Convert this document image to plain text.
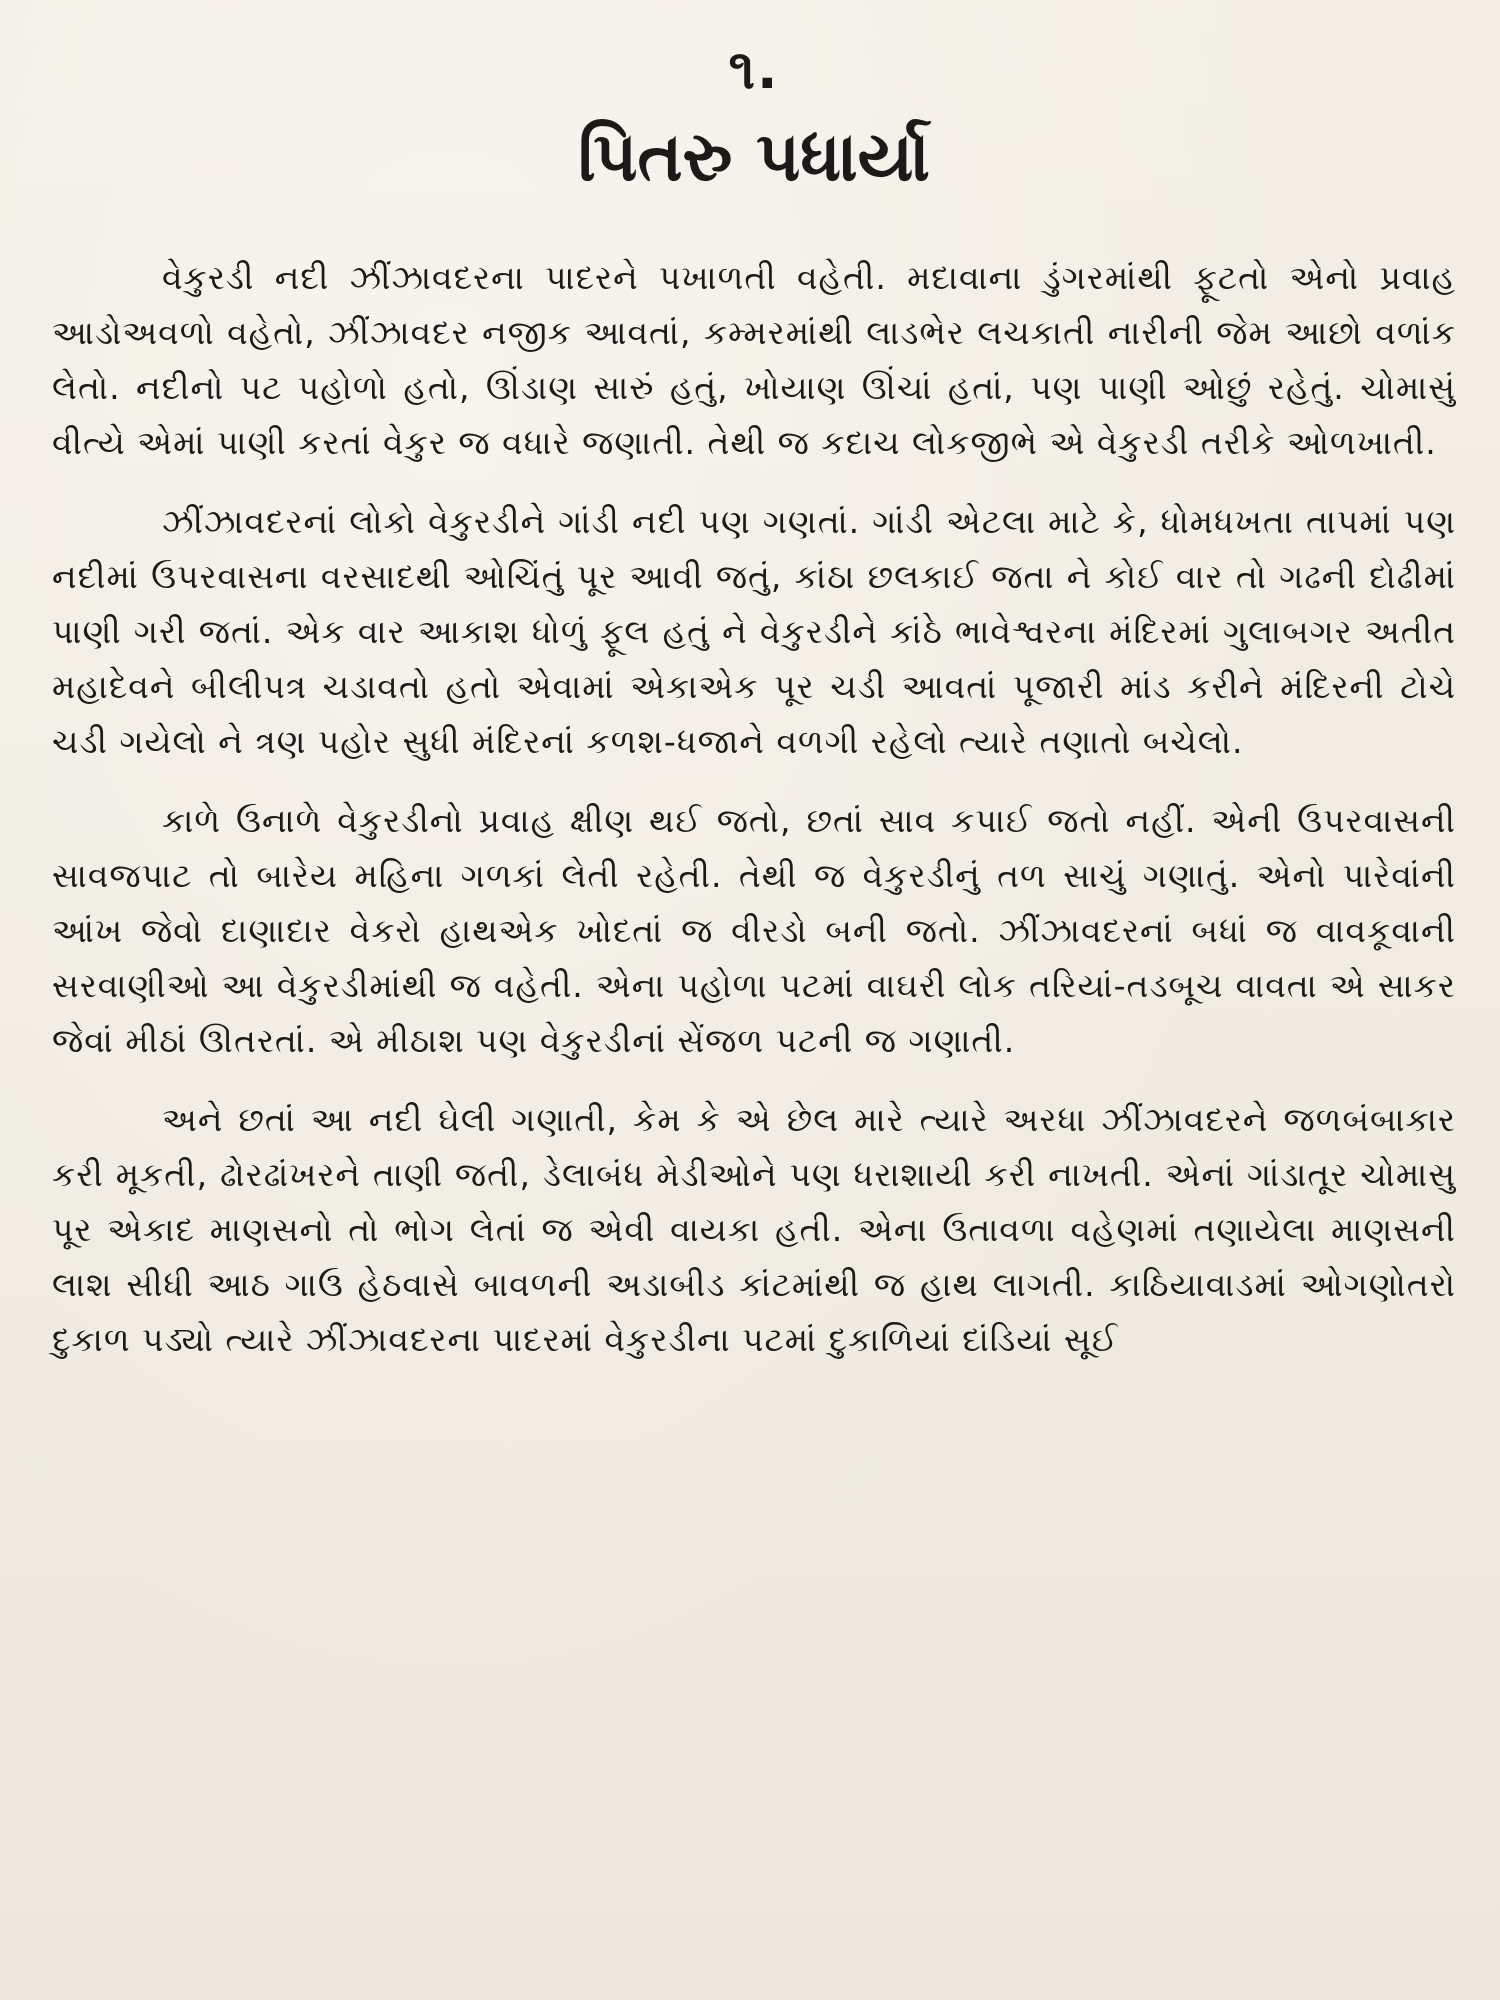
૧.
પિતરુ પધાર્યા

વેકુરડી નદી ઝીંઝાવદરના પાદરને પખાળતી વહેતી. મદાવાના ડુંગરમાંથી ફૂટતો એનો પ્રવાહ આડોઅવળો વહેતો, ઝીંઝાવદર નજીક આવતાં, કમ્મરમાંથી લાડભેર લચકાતી નારીની જેમ આછો વળાંક લેતો. નદીનો પટ પહોળો હતો, ઊંડાણ સારું હતું, ખોયાણ ઊંચાં હતાં, પણ પાણી ઓછું રહેતું. ચોમાસું વીત્યે એમાં પાણી કરતાં વેકુર જ વધારે જણાતી. તેથી જ કદાચ લોકજીભે એ વેકુરડી તરીકે ઓળખાતી.

ઝીંઝાવદરનાં લોકો વેકુરડીને ગાંડી નદી પણ ગણતાં. ગાંડી એટલા માટે કે, ધોમધખતા તાપમાં પણ નદીમાં ઉપરવાસના વરસાદથી ઓચિંતું પૂર આવી જતું, કાંઠા છલકાઈ જતા ને કોઈ વાર તો ગઢની દોઢીમાં પાણી ગરી જતાં. એક વાર આકાશ ધોળું ફૂલ હતું ને વેકુરડીને કાંઠે ભાવેશ્વરના મંદિરમાં ગુલાબગર અતીત મહાદેવને બીલીપત્ર ચડાવતો હતો એવામાં એકાએક પૂર ચડી આવતાં પૂજારી માંડ કરીને મંદિરની ટોચે ચડી ગયેલો ને ત્રણ પહોર સુધી મંદિરનાં કળશ-ધજાને વળગી રહેલો ત્યારે તણાતો બચેલો.

કાળે ઉનાળે વેકુરડીનો પ્રવાહ ક્ષીણ થઈ જતો, છતાં સાવ કપાઈ જતો નહીં. એની ઉપરવાસની સાવજપાટ તો બારેય મહિના ગળકાં લેતી રહેતી. તેથી જ વેકુરડીનું તળ સાચું ગણાતું. એનો પારેવાંની આંખ જેવો દાણાદાર વેકરો હાથએક ખોદતાં જ વીરડો બની જતો. ઝીંઝાવદરનાં બધાં જ વાવકૂવાની સરવાણીઓ આ વેકુરડીમાંથી જ વહેતી. એના પહોળા પટમાં વાઘરી લોક તરિયાં-તડબૂચ વાવતા એ સાકર જેવાં મીઠાં ઊતરતાં. એ મીઠાશ પણ વેકુરડીનાં સેંજળ પટની જ ગણાતી.

અને છતાં આ નદી ઘેલી ગણાતી, કેમ કે એ છેલ મારે ત્યારે અરધા ઝીંઝાવદરને જળબંબાકાર કરી મૂકતી, ઢોરઢાંખરને તાણી જતી, ડેલાબંધ મેડીઓને પણ ધરાશાયી કરી નાખતી. એનાં ગાંડાતૂર ચોમાસુ પૂર એકાદ માણસનો તો ભોગ લેતાં જ એવી વાયકા હતી. એના ઉતાવળા વહેણમાં તણાયેલા માણસની લાશ સીધી આઠ ગાઉ હેઠવાસે બાવળની અડાબીડ કાંટમાંથી જ હાથ લાગતી. કાઠિયાવાડમાં ઓગણોતરો દુકાળ પડ્યો ત્યારે ઝીંઝાવદરના પાદરમાં વેકુરડીના પટમાં દુકાળિયાં દાંડિયાં સૂઈ
